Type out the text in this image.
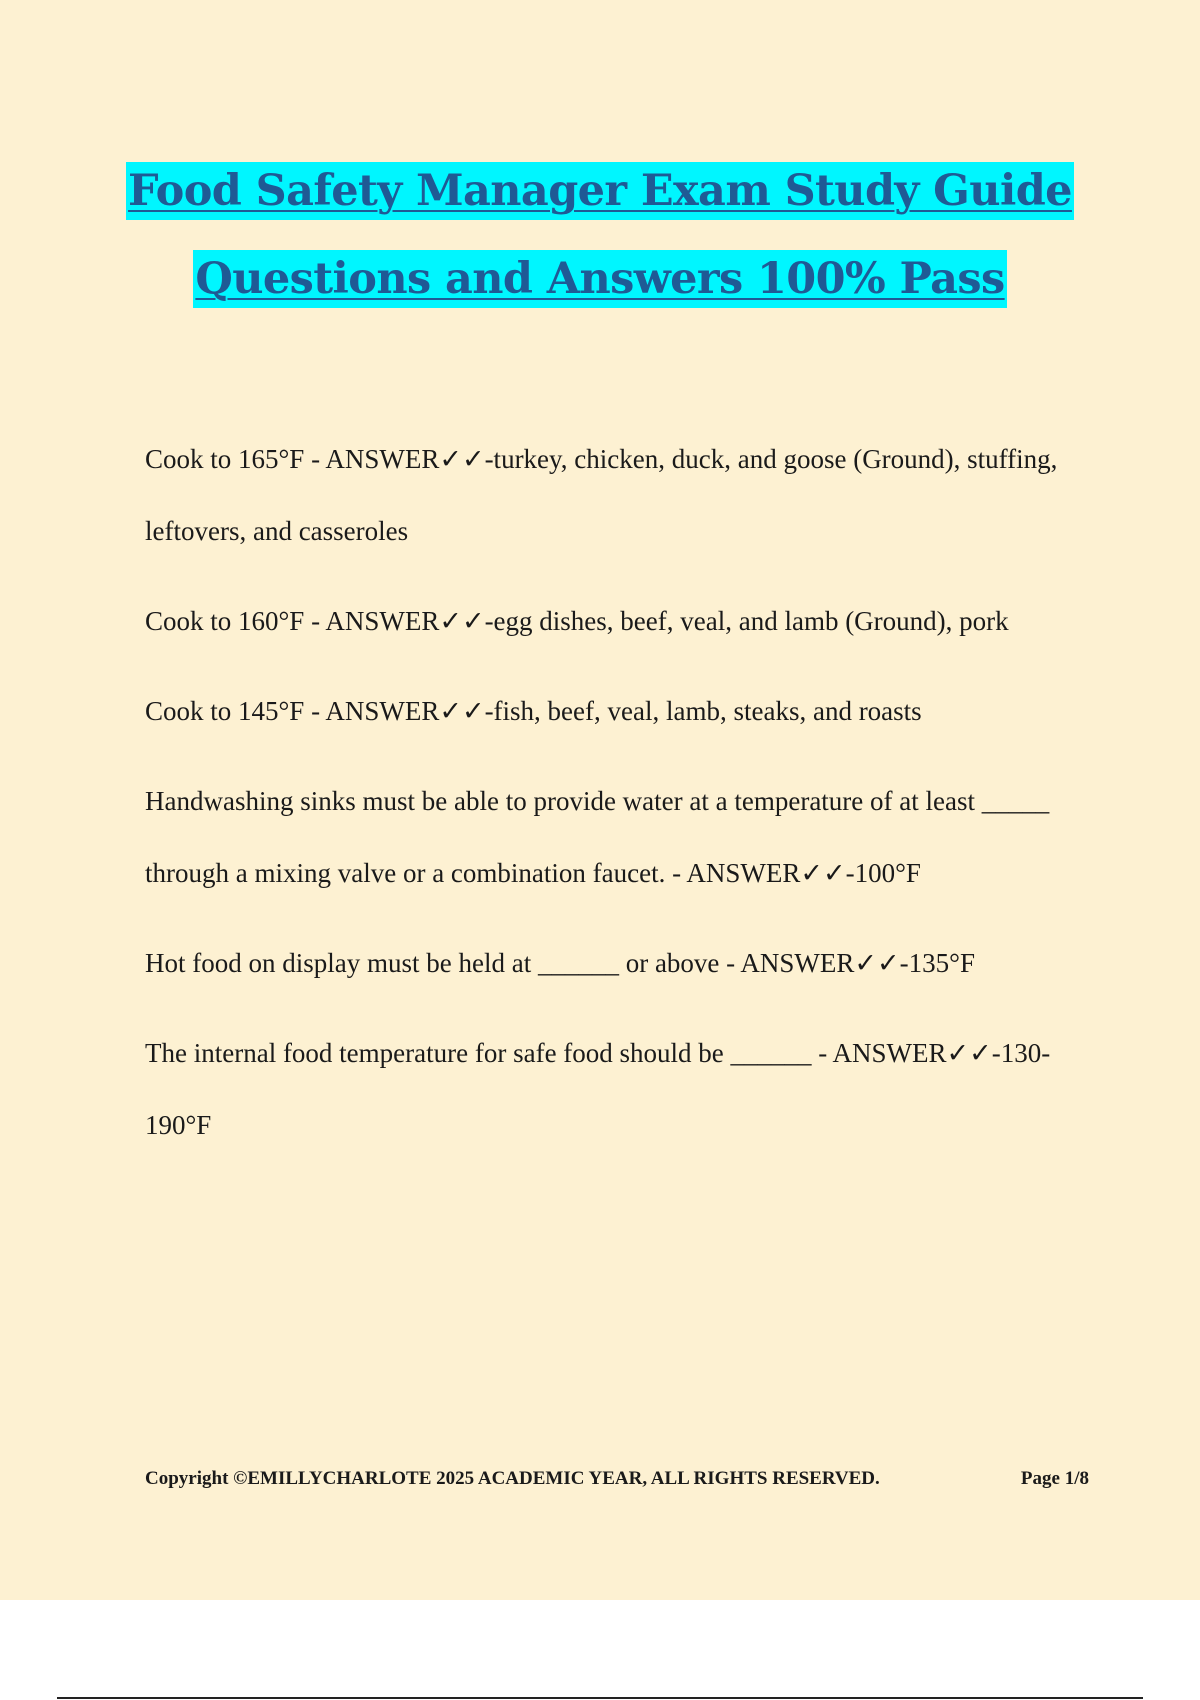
Food Safety Manager Exam Study Guide
Questions and Answers 100% Pass

Cook to 165°F - ANSWER✓✓-turkey, chicken, duck, and goose (Ground), stuffing, leftovers, and casseroles

Cook to 160°F - ANSWER✓✓-egg dishes, beef, veal, and lamb (Ground), pork

Cook to 145°F - ANSWER✓✓-fish, beef, veal, lamb, steaks, and roasts

Handwashing sinks must be able to provide water at a temperature of at least _____ through a mixing valve or a combination faucet. - ANSWER✓✓-100°F

Hot food on display must be held at ______ or above - ANSWER✓✓-135°F

The internal food temperature for safe food should be ______ - ANSWER✓✓-130-190°F

Copyright ©EMILLYCHARLOTE 2025 ACADEMIC YEAR, ALL RIGHTS RESERVED.	Page 1/8
